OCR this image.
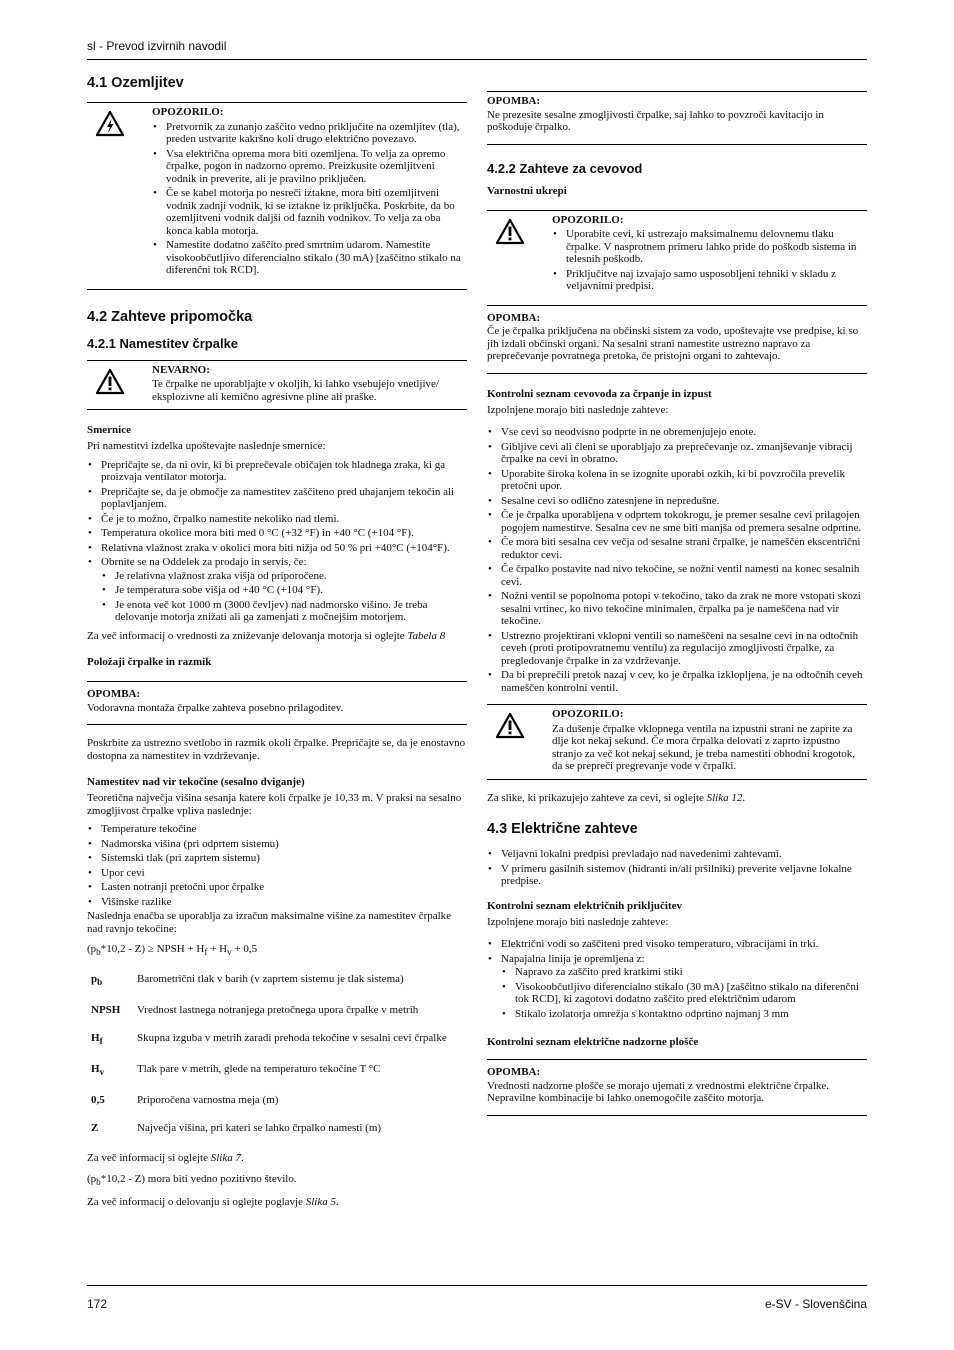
sl - Prevod izvirnih navodil
4.1 Ozemljitev
OPOZORILO:
• Pretvornik za zunanjo zaščito vedno priključite na ozemljitev (tla), preden ustvarite kakršno koli drugo električno povezavo.
• Vsa električna oprema mora biti ozemljena. To velja za opremo črpalke, pogon in nadzorno opremo. Preizkusite ozemljitveni vodnik in preverite, ali je pravilno priključen.
• Če se kabel motorja po nesreči iztakne, mora biti ozemljitveni vodnik zadnji vodnik, ki se iztakne iz priključka. Poskrbite, da bo ozemljitveni vodnik daljši od faznih vodnikov. To velja za oba konca kabla motorja.
• Namestite dodatno zaščito pred smrtnim udarom. Namestite visokoobčutljivo diferencialno stikalo (30 mA) [zaščitno stikalo na diferenčni tok RCD].
4.2 Zahteve pripomočka
4.2.1 Namestitev črpalke
NEVARNO:
Te črpalke ne uporabljajte v okoljih, ki lahko vsebujejo vnetljive/ eksplozivne ali kemično agresivne pline ali praške.
Smernice

Pri namestitvi izdelka upoštevajte naslednje smernice:

• Prepričajte se, da ni ovir, ki bi preprečevale običajen tok hladnega zraka, ki ga proizvaja ventilator motorja.
• Prepričajte se, da je območje za namestitev zaščiteno pred uhajanjem tekočin ali poplavljanjem.
• Če je to možno, črpalko namestite nekoliko nad tlemi.
• Temperatura okolice mora biti med 0 °C (+32 °F) in +40 °C (+104 °F).
• Relativna vlažnost zraka v okolici mora biti nižja od 50 % pri +40°C (+104°F).
• Obrnite se na Oddelek za prodajo in servis, če:
• Je relativna vlažnost zraka višja od priporočene.
• Je temperatura sobe višja od +40 °C (+104 °F).
• Je enota več kot 1000 m (3000 čevljev) nad nadmorsko višino. Je treba delovanje motorja znižati ali ga zamenjati z močnejšim motorjem.

Za več informacij o vrednosti za zniževanje delovanja motorja si oglejte Tabela 8

Položaji črpalke in razmik
OPOMBA:
Vodoravna montaža črpalke zahteva posebno prilagoditev.

Poskrbite za ustrezno svetlobo in razmik okoli črpalke. Prepričajte se, da je enostavno dostopna za namestitev in vzdrževanje.

Namestitev nad vir tekočine (sesalno dviganje)

Teoretična največja višina sesanja katere koli črpalke je 10,33 m. V praksi na sesalno zmogljivost črpalke vpliva naslednje:

• Temperature tekočine
• Nadmorska višina (pri odprtem sistemu)
• Sistemski tlak (pri zaprtem sistemu)
• Upor cevi
• Lasten notranji pretočni upor črpalke
• Višinske razlike

Naslednja enačba se uporablja za izračun maksimalne višine za namestitev črpalke nad ravnjo tekočine:

$(p_b*10,2 - Z)$ ≥ NPSH + $H_f + H_v + 0,5$
$p_b$	Barometrični tlak v barih (v zaprtem sistemu je tlak sistema)
NPSH	Vrednost lastnega notranjega pretočnega upora črpalke v metrih
$H_f$	Skupna izguba v metrih zaradi prehoda tekočine v sesalni cevi črpalke
$H_v$	Tlak pare v metrih, glede na temperaturo tekočine T °C
0,5	Priporočena varnostna meja (m)
Z	Največja višina, pri kateri se lahko črpalko namesti (m)

Za več informacij si oglejte Slika 7.

$(p_b*10,2 - Z)$ mora biti vedno pozitivno število.

Za več informacij o delovanju si oglejte poglavje Slika 5.

OPOMBA:
Ne prezesite sesalne zmogljivosti črpalke, saj lahko to povzroči kavitacijo in poškoduje črpalko.
4.2.2 Zahteve za cevovod
Varnostni ukrepi
OPOZORILO:
• Uporabite cevi, ki ustrezajo maksimalnemu delovnemu tlaku črpalke. V nasprotnem primeru lahko pride do poškodb sistema in telesnih poškodb.
• Priključitve naj izvajajo samo usposobljeni tehniki v skladu z veljavnimi predpisi.
OPOMBA:
Če je črpalka priključena na občinski sistem za vodo, upoštevajte vse predpise, ki so jih izdali občinski organi. Na sesalni strani namestite ustrezno napravo za preprečevanje povratnega pretoka, če pristojni organi to zahtevajo.
Kontrolni seznam cevovoda za črpanje in izpust

Izpolnjene morajo biti naslednje zahteve:

• Vse cevi so neodvisno podprte in ne obremenjujejo enote.
• Gibljive cevi ali členi se uporabljajo za preprečevanje oz. zmanjševanje vibracij črpalke na cevi in obratno.
• Uporabite široka kolena in se izognite uporabi ozkih, ki bi povzročila prevelik pretočni upor.
• Sesalne cevi so odlično zatesnjene in nepredušne.
• Če je črpalka uporabljena v odprtem tokokrogu, je premer sesalne cevi prilagojen pogojem namestitve. Sesalna cev ne sme biti manjša od premera sesalne odprtine.
• Če mora biti sesalna cev večja od sesalne strani črpalke, je nameščen ekscentrični reduktor cevi.
• Če črpalko postavite nad nivo tekočine, se nožni ventil namesti na konec sesalnih cevi.
• Nožni ventil se popolnoma potopi v tekočino, tako da zrak ne more vstopati skozi sesalni vrtinec, ko nivo tekočine minimalen, črpalka pa je nameščena nad vir tekočine.
• Ustrezno projektirani vklopni ventili so nameščeni na sesalne cevi in na odtočnih ceveh (proti protipovratnemu ventilu) za regulacijo zmogljivosti črpalke, za pregledovanje črpalke in za vzdrževanje.
• Da bi preprečili pretok nazaj v cev, ko je črpalka izklopljena, je na odtočnih ceveh nameščen kontrolni ventil.
OPOZORILO:
Za dušenje črpalke vklopnega ventila na izpustni strani ne zaprite za dlje kot nekaj sekund. Če mora črpalka delovati z zaprto izpustno stranjo za več kot nekaj sekund, je treba namestiti obhodni krogotok, da se prepreči pregrevanje vode v črpalki.

Za slike, ki prikazujejo zahteve za cevi, si oglejte Slika 12.

4.3 Električne zahteve
• Veljavni lokalni predpisi prevladajo nad navedenimi zahtevami.
• V primeru gasilnih sistemov (hidranti in/ali pršilniki) preverite veljavne lokalne predpise.
Kontrolni seznam električnih priključitev

Izpolnjene morajo biti naslednje zahteve:

• Električni vodi so zaščiteni pred visoko temperaturo, vibracijami in trki.
• Napajalna linija je opremljena z:
• Napravo za zaščito pred kratkimi stiki
• Visokoobčutljivo diferencialno stikalo (30 mA) [zaščitno stikalo na diferenčni tok RCD], ki zagotovi dodatno zaščito pred električnim udarom
• Stikalo izolatorja omrežja s kontaktno odprtino najmanj 3 mm
Kontrolni seznam električne nadzorne plošče
OPOMBA:
Vrednosti nadzorne plošče se morajo ujemati z vrednostmi električne črpalke. Nepravilne kombinacije bi lahko onemogočile zaščito motorja.
172	e-SV - Slovenščina
